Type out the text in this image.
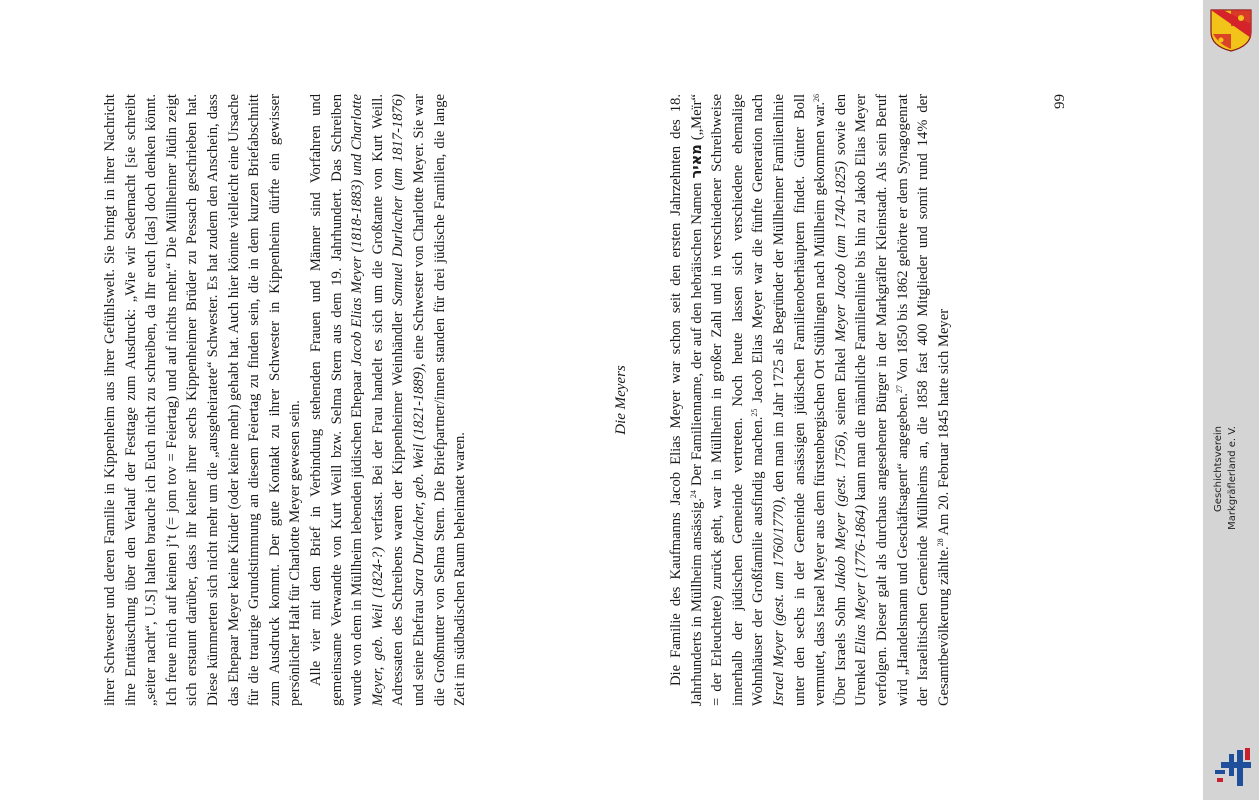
ihrer Schwester und deren Familie in Kippenheim aus ihrer Gefühlswelt. Sie bringt in ihrer Nachricht ihre Enttäuschung über den Verlauf der Festtage zum Ausdruck: „Wie wir Sedernacht [sie schreibt „seiter nacht“, U.S] halten brauche ich Euch nicht zu schreiben, da Ihr euch [das] doch denken könnt. Ich freue mich auf keinen j’t (= jom tov = Feiertag) und auf nichts mehr.“ Die Müllheimer Jüdin zeigt sich erstaunt darüber, dass ihr keiner ihrer sechs Kippenheimer Brüder zu Pessach geschrieben hat. Diese kümmerten sich nicht mehr um die „ausgeheiratete“ Schwester. Es hat zudem den Anschein, dass das Ehepaar Meyer keine Kinder (oder keine mehr) gehabt hat. Auch hier könnte vielleicht eine Ursache für die traurige Grundstimmung an diesem Feiertag zu finden sein, die in dem kurzen Briefabschnitt zum Ausdruck kommt. Der gute Kontakt zu ihrer Schwester in Kippenheim dürfte ein gewisser persönlicher Halt für Charlotte Meyer gewesen sein. Alle vier mit dem Brief in Verbindung stehenden Frauen und Männer sind Vorfahren und gemeinsame Verwandte von Kurt Weill bzw. Selma Stern aus dem 19. Jahrhundert. Das Schreiben wurde von dem in Müllheim lebenden jüdischen Ehepaar Jacob Elias Meyer (1818-1883) und Charlotte Meyer, geb. Weil (1824-?) verfasst. Bei der Frau handelt es sich um die Großtante von Kurt Weill. Adressaten des Schreibens waren der Kippenheimer Weinhändler Samuel Durlacher (um 1817-1876) und seine Ehefrau Sara Durlacher, geb. Weil (1821-1889), eine Schwester von Charlotte Meyer. Sie war die Großmutter von Selma Stern. Die Briefpartner/innen standen für drei jüdische Familien, die lange Zeit im südbadischen Raum beheimatet waren.

Die Meyers	Die Familie des Kaufmanns Jacob Elias Meyer war schon seit den ersten Jahrzehnten des 18. Jahrhunderts in Müllheim ansässig.$^{24}$ Der Familienname, der auf den hebräischen Namen מאיר („Meïr“ = der Erleuchtete) zurück geht, war in Müllheim in großer Zahl und in verschiedener Schreibweise innerhalb der jüdischen Gemeinde vertreten. Noch heute lassen sich verschiedene ehemalige Wohnhäuser der Großfamilie ausfindig machen.$^{25}$ Jacob Elias Meyer war die fünfte Generation nach Israel Meyer (gest. um 1760/1770), den man im Jahr 1725 als Begründer der Müllheimer Familienlinie unter den sechs in der Gemeinde ansässigen jüdischen Familienoberhäuptern findet. Günter Boll vermutet, dass Israel Meyer aus dem fürstenbergischen Ort Stühlingen nach Müllheim gekommen war.$^{26}$ Über Israels Sohn Jakob Meyer (gest. 1756), seinen Enkel Meyer Jacob (um 1740-1825) sowie den Urenkel Elias Meyer (1776-1864) kann man die männliche Familienlinie bis hin zu Jakob Elias Meyer verfolgen. Dieser galt als durchaus angesehener Bürger in der Markgräfler Kleinstadt. Als sein Beruf wird „Handelsmann und Geschäftsagent“ angegeben.$^{27}$ Von 1850 bis 1862 gehörte er dem Synagogenrat der Israelitischen Gemeinde Müllheims an, die 1858 fast 400 Mitglieder und somit rund 14% der Gesamtbevölkerung zählte.$^{28}$ Am 20. Februar 1845 hatte sich Meyer

99
Geschichtsverein Markgräflerland e. V.
